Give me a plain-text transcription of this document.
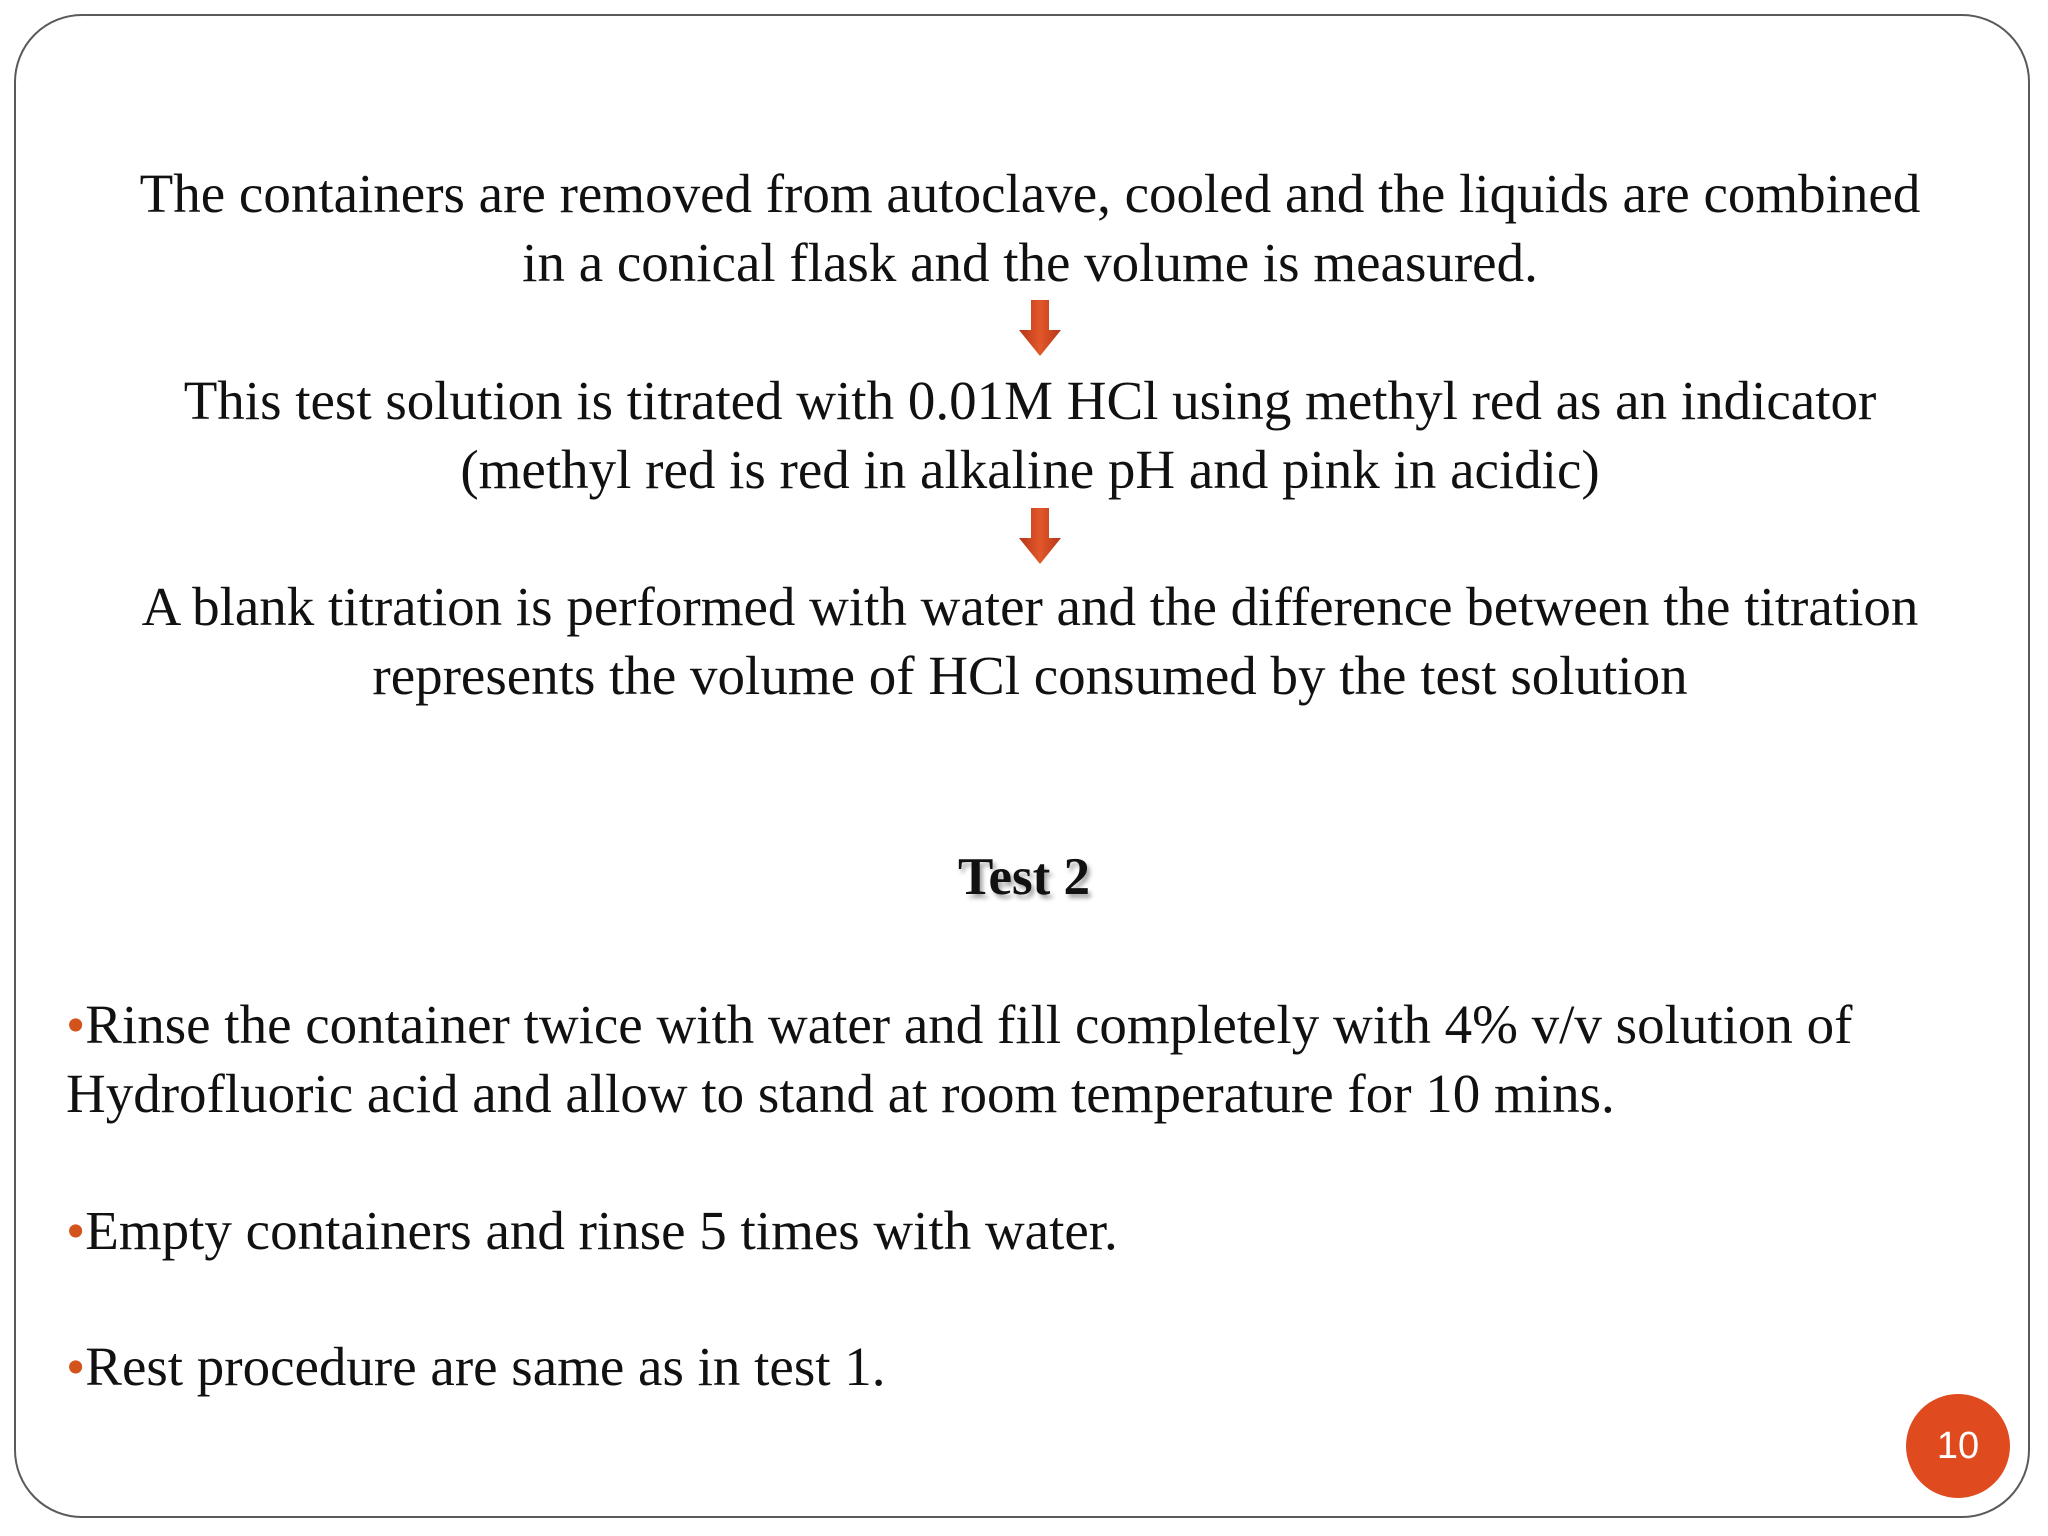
The containers are removed from autoclave, cooled and the liquids are combined
in a conical flask and the volume is measured.
This test solution is titrated with 0.01M HCl using methyl red as an indicator
(methyl red is red in alkaline pH and pink in acidic)
A blank titration is performed with water and the difference between the titration
represents the volume of HCl consumed by the test solution
Test 2
•Rinse the container twice with water and fill completely with 4% v/v solution of
Hydrofluoric acid and allow to stand at room temperature for 10 mins.
•Empty containers and rinse 5 times with water.
•Rest procedure are same as in test 1.
10
